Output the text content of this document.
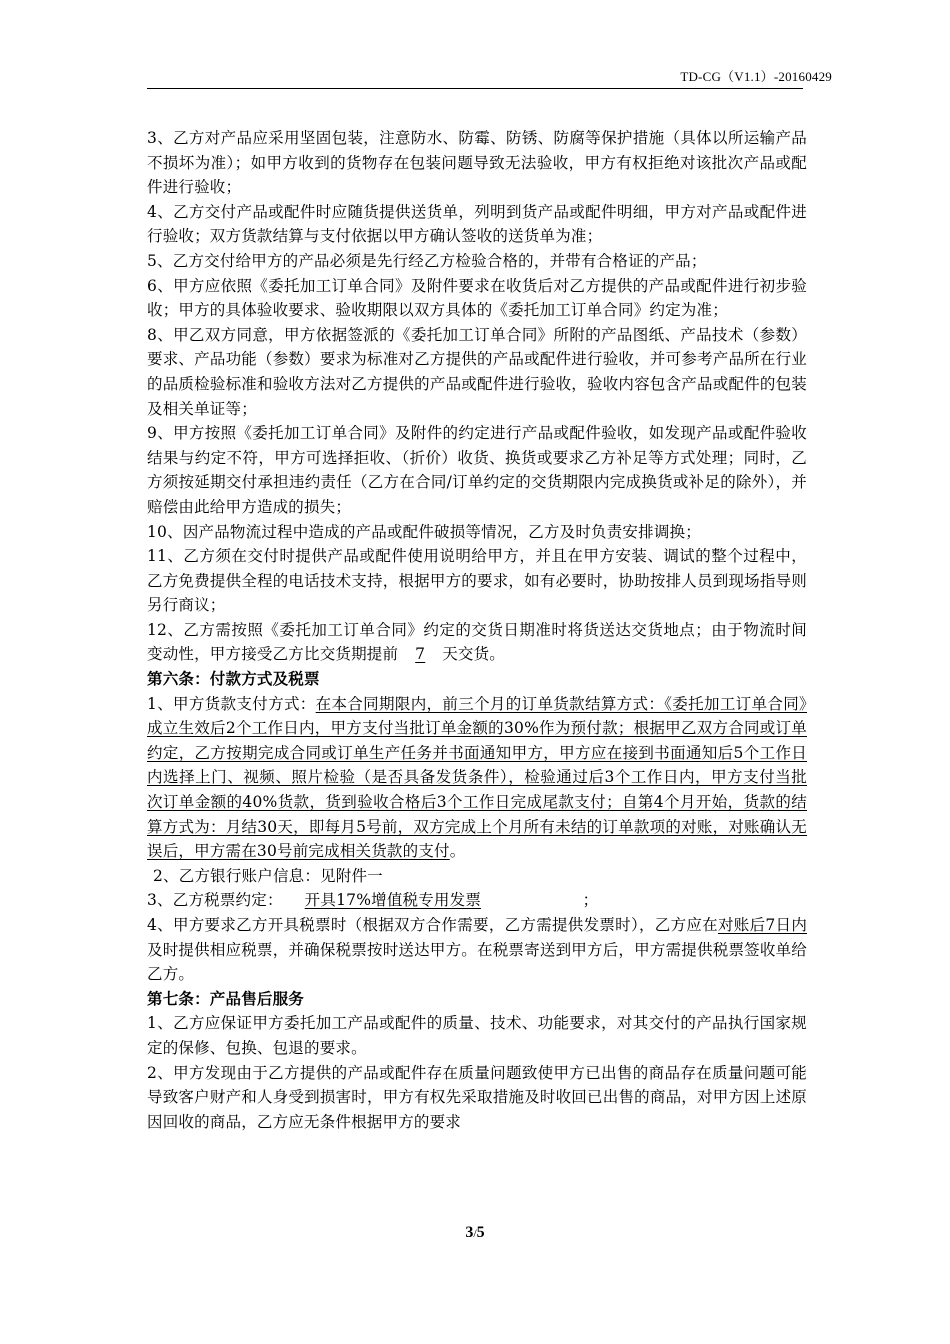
TD-CG（V1.1）-20160429

3、乙方对产品应采用坚固包装，注意防水、防霉、防锈、防腐等保护措施（具体以所运输产品不损坏为准）；如甲方收到的货物存在包装问题导致无法验收，甲方有权拒绝对该批次产品或配件进行验收；

4、乙方交付产品或配件时应随货提供送货单，列明到货产品或配件明细，甲方对产品或配件进行验收；双方货款结算与支付依据以甲方确认签收的送货单为准；

5、乙方交付给甲方的产品必须是先行经乙方检验合格的，并带有合格证的产品；

6、甲方应依照《委托加工订单合同》及附件要求在收货后对乙方提供的产品或配件进行初步验收；甲方的具体验收要求、验收期限以双方具体的《委托加工订单合同》约定为准；

8、甲乙双方同意，甲方依据签派的《委托加工订单合同》所附的产品图纸、产品技术（参数）要求、产品功能（参数）要求为标准对乙方提供的产品或配件进行验收，并可参考产品所在行业的品质检验标准和验收方法对乙方提供的产品或配件进行验收，验收内容包含产品或配件的包装及相关单证等；

9、甲方按照《委托加工订单合同》及附件的约定进行产品或配件验收，如发现产品或配件验收结果与约定不符，甲方可选择拒收、（折价）收货、换货或要求乙方补足等方式处理；同时，乙方须按延期交付承担违约责任（乙方在合同/订单约定的交货期限内完成换货或补足的除外），并赔偿由此给甲方造成的损失；

10、因产品物流过程中造成的产品或配件破损等情况，乙方及时负责安排调换；

11、乙方须在交付时提供产品或配件使用说明给甲方，并且在甲方安装、调试的整个过程中，乙方免费提供全程的电话技术支持，根据甲方的要求，如有必要时，协助按排人员到现场指导则另行商议；

12、乙方需按照《委托加工订单合同》约定的交货日期准时将货送达交货地点；由于物流时间变动性，甲方接受乙方比交货期提前 7 天交货。

第六条：付款方式及税票

1、甲方货款支付方式：在本合同期限内，前三个月的订单货款结算方式：《委托加工订单合同》成立生效后2个工作日内，甲方支付当批订单金额的30%作为预付款；根据甲乙双方合同或订单约定，乙方按期完成合同或订单生产任务并书面通知甲方，甲方应在接到书面通知后5个工作日内选择上门、视频、照片检验（是否具备发货条件），检验通过后3个工作日内，甲方支付当批次订单金额的40%货款，货到验收合格后3个工作日完成尾款支付；自第4个月开始，货款的结算方式为：月结30天，即每月5号前，双方完成上个月所有未结的订单款项的对账，对账确认无误后，甲方需在30号前完成相关货款的支付。

2、乙方银行账户信息：见附件一

3、乙方税票约定： 开具17%增值税专用发票	；

4、甲方要求乙方开具税票时（根据双方合作需要，乙方需提供发票时），乙方应在对账后7日内及时提供相应税票，并确保税票按时送达甲方。在税票寄送到甲方后，甲方需提供税票签收单给乙方。

第七条：产品售后服务

1、乙方应保证甲方委托加工产品或配件的质量、技术、功能要求，对其交付的产品执行国家规定的保修、包换、包退的要求。

2、甲方发现由于乙方提供的产品或配件存在质量问题致使甲方已出售的商品存在质量问题可能导致客户财产和人身受到损害时，甲方有权先采取措施及时收回已出售的商品，对甲方因上述原因回收的商品，乙方应无条件根据甲方的要求

3/5
